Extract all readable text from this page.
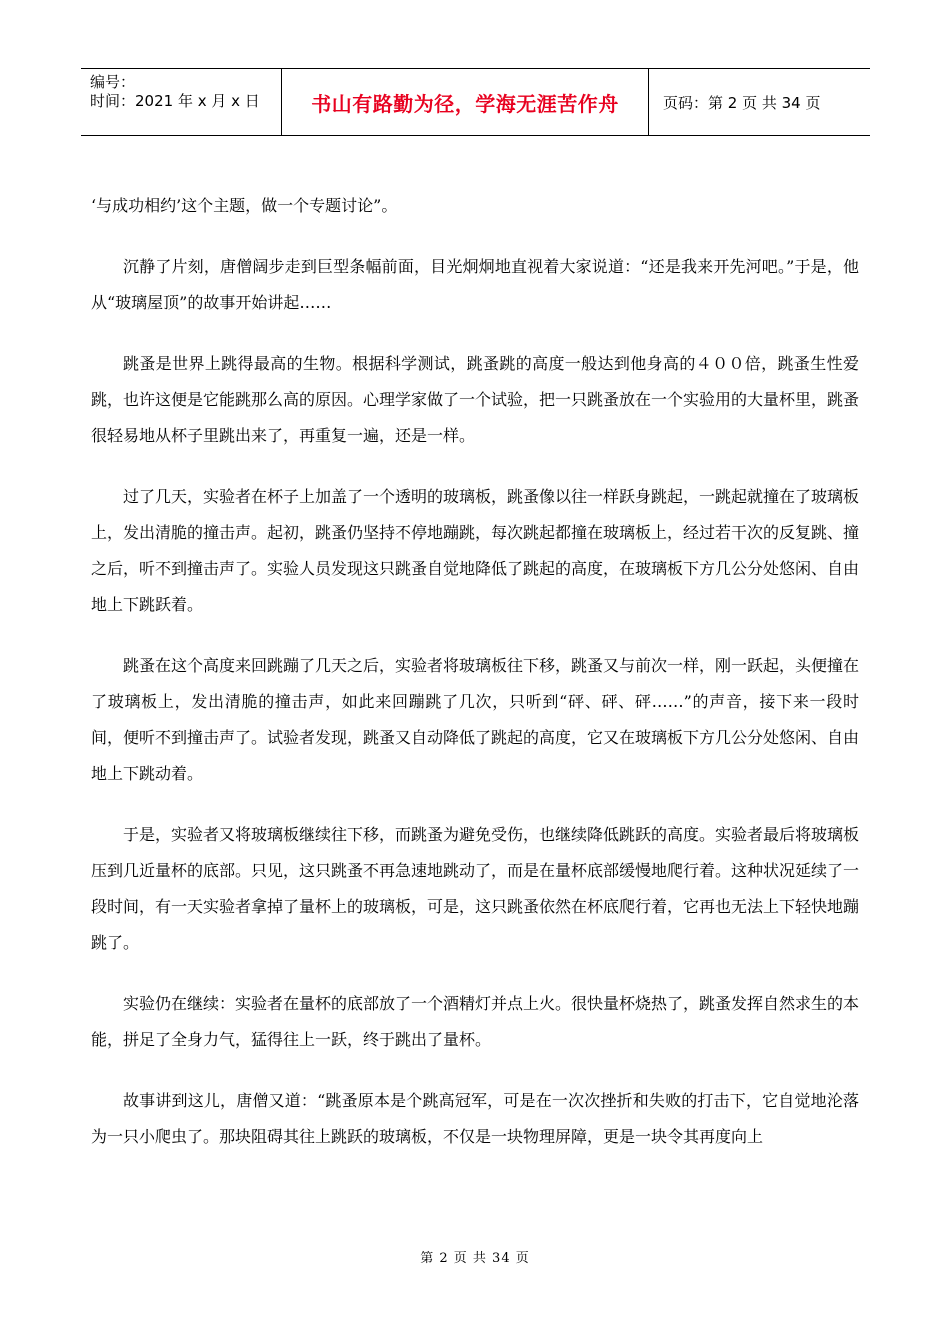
编号：
时间：2021 年 x 月 x 日	书山有路勤为径，学海无涯苦作舟	页码：第 2 页 共 34 页

‘与成功相约’这个主题，做一个专题讨论”。

沉静了片刻，唐僧阔步走到巨型条幅前面，目光炯炯地直视着大家说道：“还是我来开先河吧。”于是，他从“玻璃屋顶”的故事开始讲起……

跳蚤是世界上跳得最高的生物。根据科学测试，跳蚤跳的高度一般达到他身高的４００倍，跳蚤生性爱跳，也许这便是它能跳那么高的原因。心理学家做了一个试验，把一只跳蚤放在一个实验用的大量杯里，跳蚤很轻易地从杯子里跳出来了，再重复一遍，还是一样。

过了几天，实验者在杯子上加盖了一个透明的玻璃板，跳蚤像以往一样跃身跳起，一跳起就撞在了玻璃板上，发出清脆的撞击声。起初，跳蚤仍坚持不停地蹦跳，每次跳起都撞在玻璃板上，经过若干次的反复跳、撞之后，听不到撞击声了。实验人员发现这只跳蚤自觉地降低了跳起的高度，在玻璃板下方几公分处悠闲、自由地上下跳跃着。

跳蚤在这个高度来回跳蹦了几天之后，实验者将玻璃板往下移，跳蚤又与前次一样，刚一跃起，头便撞在了玻璃板上，发出清脆的撞击声，如此来回蹦跳了几次，只听到“砰、砰、砰……”的声音，接下来一段时间，便听不到撞击声了。试验者发现，跳蚤又自动降低了跳起的高度，它又在玻璃板下方几公分处悠闲、自由地上下跳动着。

于是，实验者又将玻璃板继续往下移，而跳蚤为避免受伤，也继续降低跳跃的高度。实验者最后将玻璃板压到几近量杯的底部。只见，这只跳蚤不再急速地跳动了，而是在量杯底部缓慢地爬行着。这种状况延续了一段时间，有一天实验者拿掉了量杯上的玻璃板，可是，这只跳蚤依然在杯底爬行着，它再也无法上下轻快地蹦跳了。

实验仍在继续：实验者在量杯的底部放了一个酒精灯并点上火。很快量杯烧热了，跳蚤发挥自然求生的本能，拼足了全身力气，猛得往上一跃，终于跳出了量杯。

故事讲到这儿，唐僧又道：“跳蚤原本是个跳高冠军，可是在一次次挫折和失败的打击下，它自觉地沦落为一只小爬虫了。那块阻碍其往上跳跃的玻璃板，不仅是一块物理屏障，更是一块令其再度向上

第 2 页 共 34 页
